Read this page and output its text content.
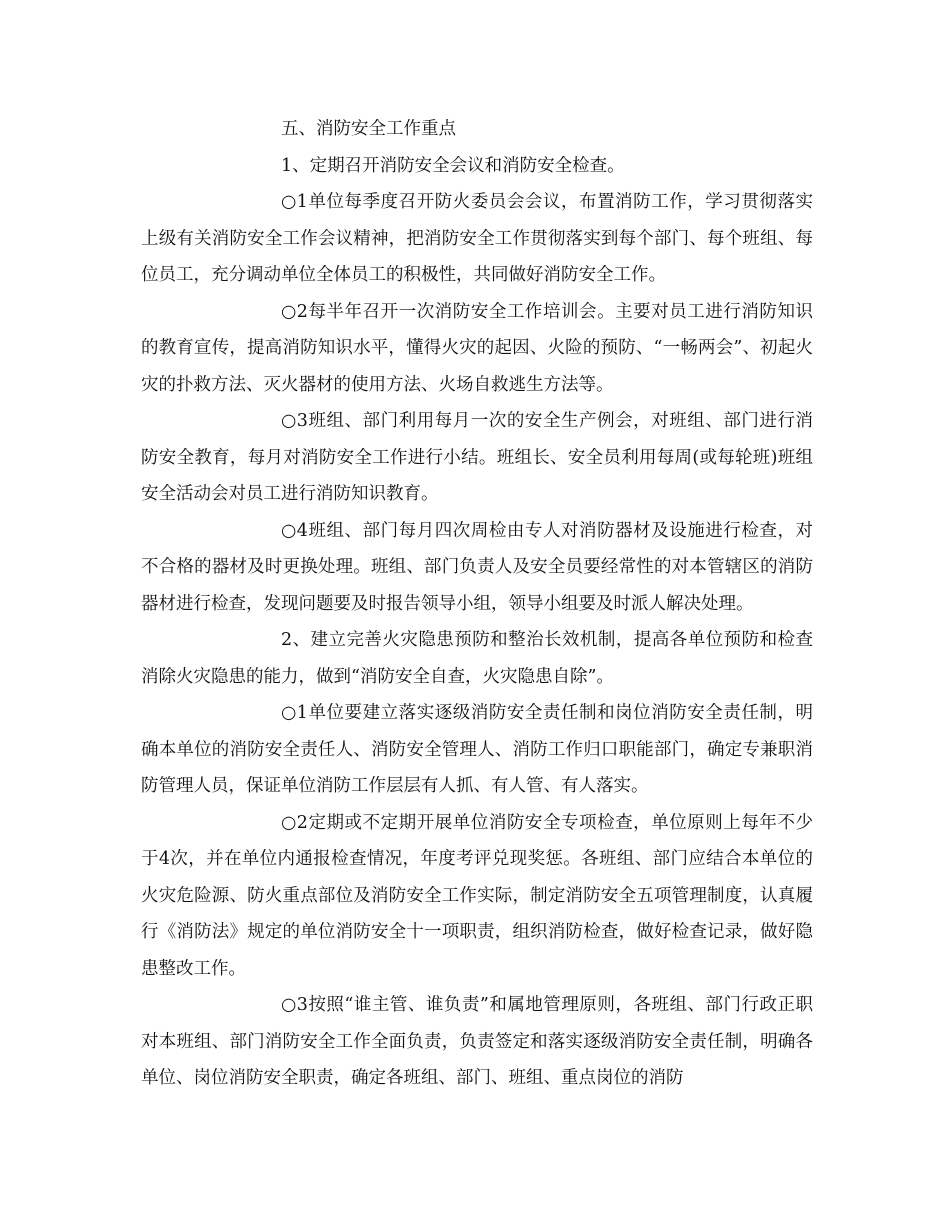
五、消防安全工作重点

1、定期召开消防安全会议和消防安全检查。

○1单位每季度召开防火委员会会议，布置消防工作，学习贯彻落实上级有关消防安全工作会议精神，把消防安全工作贯彻落实到每个部门、每个班组、每位员工，充分调动单位全体员工的积极性，共同做好消防安全工作。

○2每半年召开一次消防安全工作培训会。主要对员工进行消防知识的教育宣传，提高消防知识水平，懂得火灾的起因、火险的预防、“一畅两会”、初起火灾的扑救方法、灭火器材的使用方法、火场自救逃生方法等。

○3班组、部门利用每月一次的安全生产例会，对班组、部门进行消防安全教育，每月对消防安全工作进行小结。班组长、安全员利用每周(或每轮班)班组安全活动会对员工进行消防知识教育。

○4班组、部门每月四次周检由专人对消防器材及设施进行检查，对不合格的器材及时更换处理。班组、部门负责人及安全员要经常性的对本管辖区的消防器材进行检查，发现问题要及时报告领导小组，领导小组要及时派人解决处理。

2、建立完善火灾隐患预防和整治长效机制，提高各单位预防和检查消除火灾隐患的能力，做到“消防安全自查，火灾隐患自除”。

○1单位要建立落实逐级消防安全责任制和岗位消防安全责任制，明确本单位的消防安全责任人、消防安全管理人、消防工作归口职能部门，确定专兼职消防管理人员，保证单位消防工作层层有人抓、有人管、有人落实。

○2定期或不定期开展单位消防安全专项检查，单位原则上每年不少于4次，并在单位内通报检查情况，年度考评兑现奖惩。各班组、部门应结合本单位的火灾危险源、防火重点部位及消防安全工作实际，制定消防安全五项管理制度，认真履行《消防法》规定的单位消防安全十一项职责，组织消防检查，做好检查记录，做好隐患整改工作。

○3按照“谁主管、谁负责”和属地管理原则，各班组、部门行政正职对本班组、部门消防安全工作全面负责，负责签定和落实逐级消防安全责任制，明确各单位、岗位消防安全职责，确定各班组、部门、班组、重点岗位的消防
